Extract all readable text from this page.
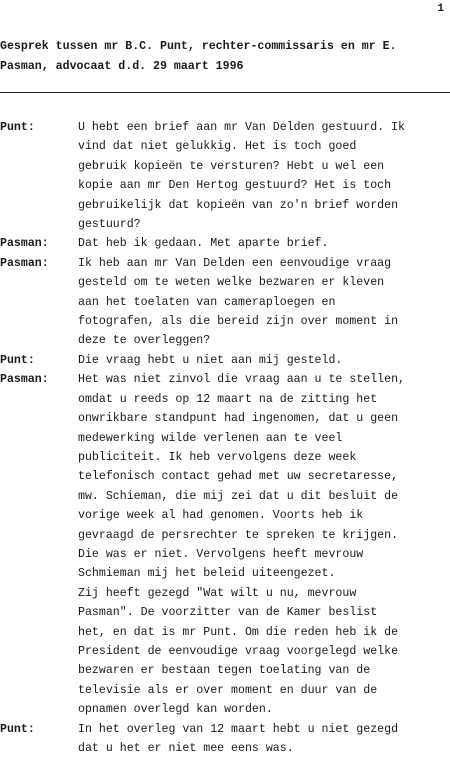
1
Gesprek tussen mr B.C. Punt, rechter-commissaris en mr E.
Pasman, advocaat d.d. 29 maart 1996
Punt:	U hebt een brief aan mr Van Delden gestuurd. Ik
vind dat niet gelukkig. Het is toch goed
gebruik kopieën te versturen? Hebt u wel een
kopie aan mr Den Hertog gestuurd? Het is toch
gebruikelijk dat kopieën van zo'n brief worden
gestuurd?
Pasman:	Dat heb ik gedaan. Met aparte brief.
Pasman:	Ik heb aan mr Van Delden een eenvoudige vraag
gesteld om te weten welke bezwaren er kleven
aan het toelaten van cameraploegen en
fotografen, als die bereid zijn over moment in
deze te overleggen?
Punt:	Die vraag hebt u niet aan mij gesteld.
Pasman:	Het was niet zinvol die vraag aan u te stellen,
omdat u reeds op 12 maart na de zitting het
onwrikbare standpunt had ingenomen, dat u geen
medewerking wilde verlenen aan te veel
publiciteit. Ik heb vervolgens deze week
telefonisch contact gehad met uw secretaresse,
mw. Schieman, die mij zei dat u dit besluit de
vorige week al had genomen. Voorts heb ik
gevraagd de persrechter te spreken te krijgen.
Die was er niet. Vervolgens heeft mevrouw
Schmieman mij het beleid uiteengezet.
Zij heeft gezegd "Wat wilt u nu, mevrouw
Pasman". De voorzitter van de Kamer beslist
het, en dat is mr Punt. Om die reden heb ik de
President de eenvoudige vraag voorgelegd welke
bezwaren er bestaan tegen toelating van de
televisie als er over moment en duur van de
opnamen overlegd kan worden.
Punt:	In het overleg van 12 maart hebt u niet gezegd
dat u het er niet mee eens was.
